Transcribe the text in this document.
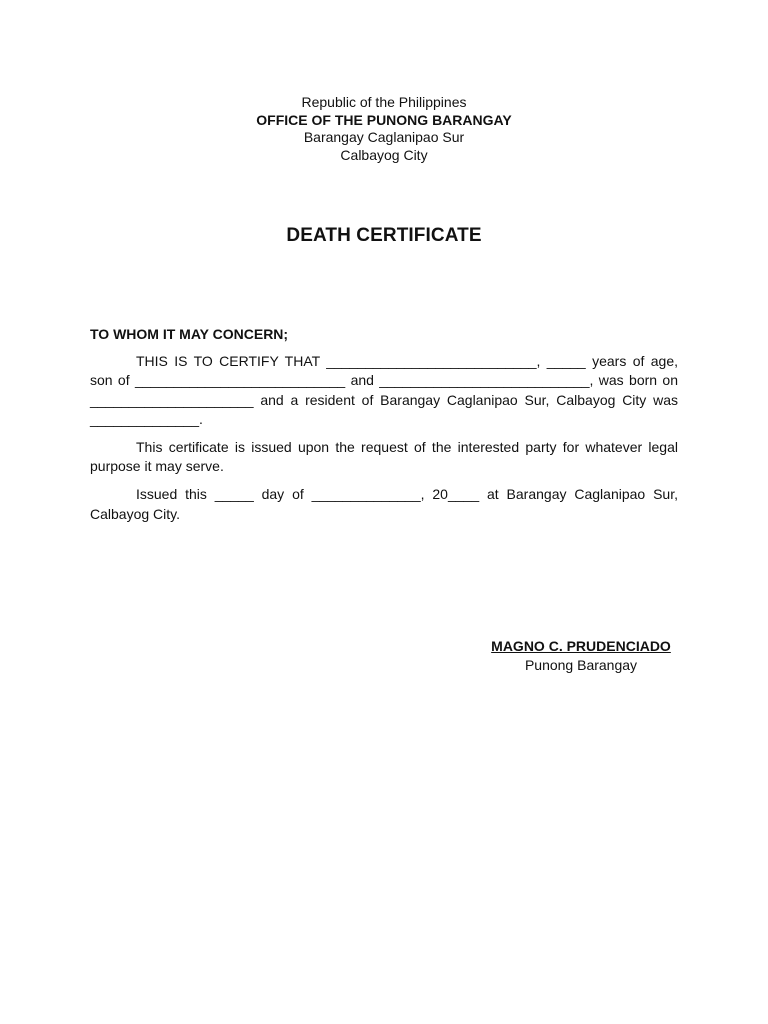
Republic of the Philippines
OFFICE OF THE PUNONG BARANGAY
Barangay Caglanipao Sur
Calbayog City
DEATH CERTIFICATE

TO WHOM IT MAY CONCERN;

THIS IS TO CERTIFY THAT ___________________________, _____ years of age, son of ___________________________ and ___________________________, was born on _____________________ and a resident of Barangay Caglanipao Sur, Calbayog City was ______________.

This certificate is issued upon the request of the interested party for whatever legal purpose it may serve.

Issued this _____ day of ______________, 20____ at Barangay Caglanipao Sur, Calbayog City.

MAGNO C. PRUDENCIADO
Punong Barangay
